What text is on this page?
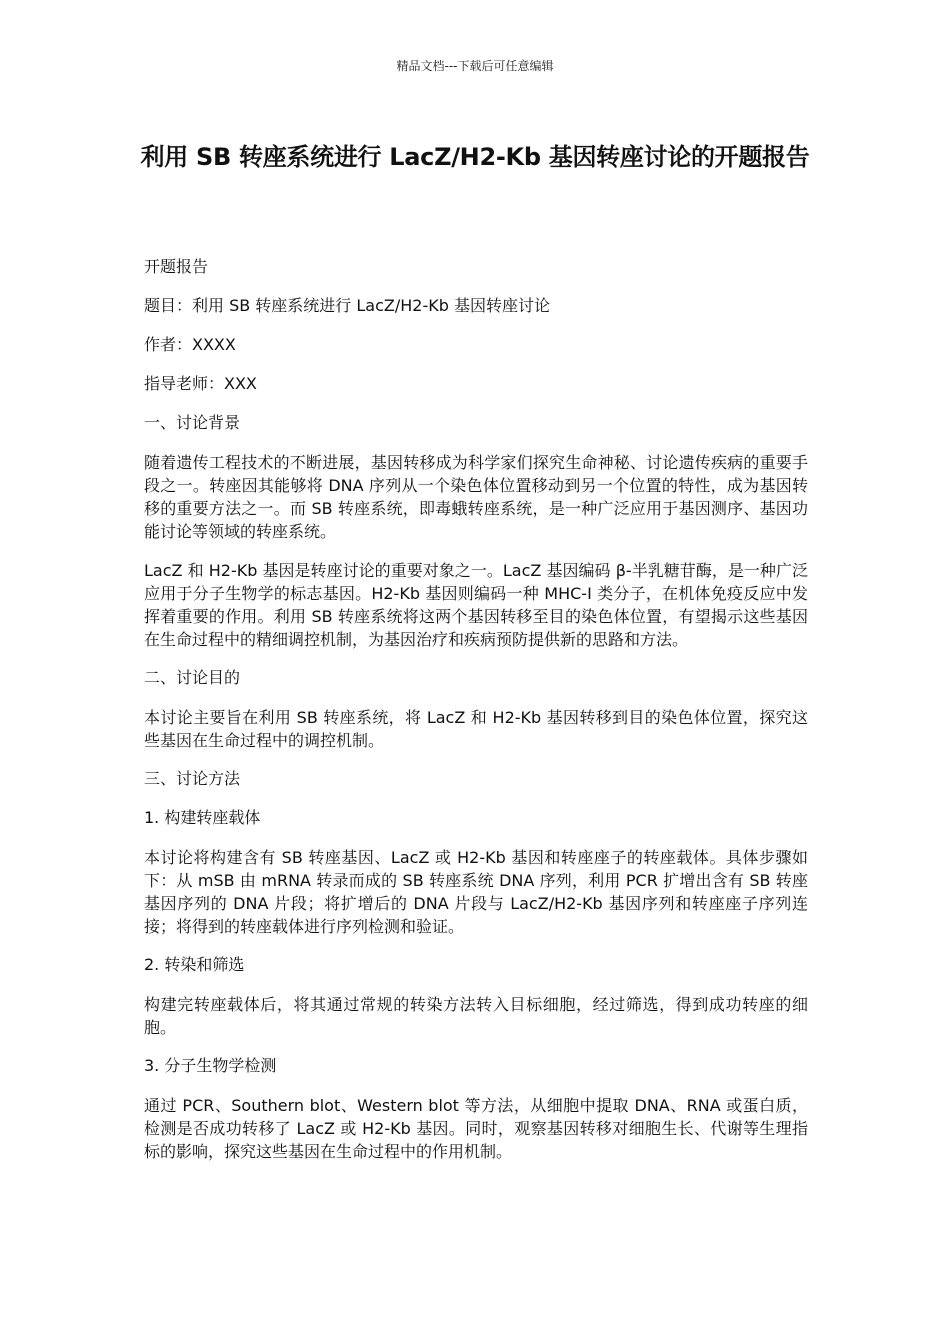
精品文档---下载后可任意编辑
利用 SB 转座系统进行 LacZ/H2-Kb 基因转座讨论的开题报告
开题报告
题目：利用 SB 转座系统进行 LacZ/H2-Kb 基因转座讨论
作者：XXXX
指导老师：XXX
一、讨论背景
随着遗传工程技术的不断进展，基因转移成为科学家们探究生命神秘、讨论遗传疾病的重要手段之一。转座因其能够将 DNA 序列从一个染色体位置移动到另一个位置的特性，成为基因转移的重要方法之一。而 SB 转座系统，即毒蛾转座系统，是一种广泛应用于基因测序、基因功能讨论等领域的转座系统。
LacZ 和 H2-Kb 基因是转座讨论的重要对象之一。LacZ 基因编码 β-半乳糖苷酶，是一种广泛应用于分子生物学的标志基因。H2-Kb 基因则编码一种 MHC-I 类分子，在机体免疫反应中发挥着重要的作用。利用 SB 转座系统将这两个基因转移至目的染色体位置，有望揭示这些基因在生命过程中的精细调控机制，为基因治疗和疾病预防提供新的思路和方法。
二、讨论目的
本讨论主要旨在利用 SB 转座系统，将 LacZ 和 H2-Kb 基因转移到目的染色体位置，探究这些基因在生命过程中的调控机制。
三、讨论方法
1. 构建转座载体
本讨论将构建含有 SB 转座基因、LacZ 或 H2-Kb 基因和转座座子的转座载体。具体步骤如下：从 mSB 由 mRNA 转录而成的 SB 转座系统 DNA 序列，利用 PCR 扩增出含有 SB 转座基因序列的 DNA 片段；将扩增后的 DNA 片段与 LacZ/H2-Kb 基因序列和转座座子序列连接；将得到的转座载体进行序列检测和验证。
2. 转染和筛选
构建完转座载体后，将其通过常规的转染方法转入目标细胞，经过筛选，得到成功转座的细胞。
3. 分子生物学检测
通过 PCR、Southern blot、Western blot 等方法，从细胞中提取 DNA、RNA 或蛋白质，检测是否成功转移了 LacZ 或 H2-Kb 基因。同时，观察基因转移对细胞生长、代谢等生理指标的影响，探究这些基因在生命过程中的作用机制。
